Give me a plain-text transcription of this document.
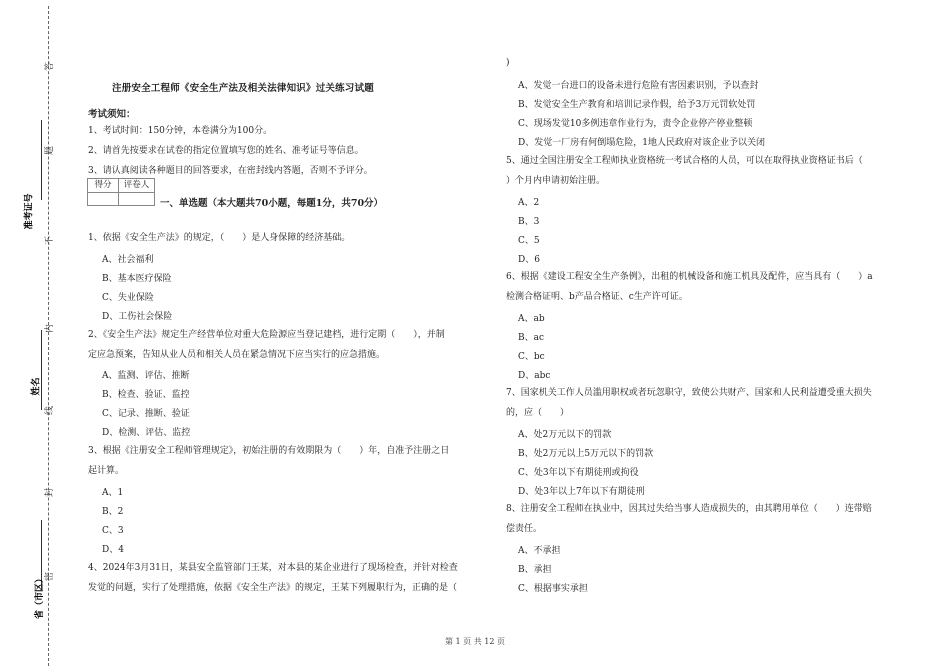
答
题
不
内
线
封
密
准考证号
姓名
省（市区）
注册安全工程师《安全生产法及相关法律知识》过关练习试题
考试须知：
1、考试时间：150分钟，本卷满分为100分。
2、请首先按要求在试卷的指定位置填写您的姓名、准考证号等信息。
3、请认真阅读各种题目的回答要求，在密封线内答题，否则不予评分。
得分	评卷人
一、单选题（本大题共70小题，每题1分，共70分）
1、依据《安全生产法》的规定，（　　）是人身保障的经济基础。
A、社会福利
B、基本医疗保险
C、失业保险
D、工伤社会保险
2、《安全生产法》规定生产经营单位对重大危险源应当登记建档，进行定期（　　），并制
定应急预案，告知从业人员和相关人员在紧急情况下应当实行的应急措施。
A、监测、评估、推断
B、检查、验证、监控
C、记录、推断、验证
D、检测、评估、监控
3、根据《注册安全工程师管理规定》，初始注册的有效期限为（　　）年，自准予注册之日
起计算。
A、1
B、2
C、3
D、4
4、2024年3月31日，某县安全监管部门王某，对本县的某企业进行了现场检查，并针对检查
发觉的问题，实行了处理措施，依据《安全生产法》的规定，王某下列履职行为，正确的是（
)
A、发觉一台进口的设备未进行危险有害因素识别，予以查封
B、发觉安全生产教育和培训记录作假，给予3万元罚软处罚
C、现场发觉10多例违章作业行为，责令企业停产停业整顿
D、发觉一厂房有何倒塌危险，1地人民政府对该企业予以关闭
5、通过全国注册安全工程师执业资格统一考试合格的人员，可以在取得执业资格证书后（
）个月内申请初始注册。
A、2
B、3
C、5
D、6
6、根据《建设工程安全生产条例》，出租的机械设备和施工机具及配件，应当具有（　　）a
检测合格证明、b产品合格证、c生产许可证。
A、ab
B、ac
C、bc
D、abc
7、国家机关工作人员滥用职权或者玩忽职守，致使公共财产、国家和人民利益遭受重大损失
的，应（　　）
A、处2万元以下的罚款
B、处2万元以上5万元以下的罚款
C、处3年以下有期徒刑或拘役
D、处3年以上7年以下有期徒刑
8、注册安全工程师在执业中，因其过失给当事人造成损失的，由其聘用单位（　　）连带赔
偿责任。
A、不承担
B、承担
C、根据事实承担
第 1 页 共 12 页
